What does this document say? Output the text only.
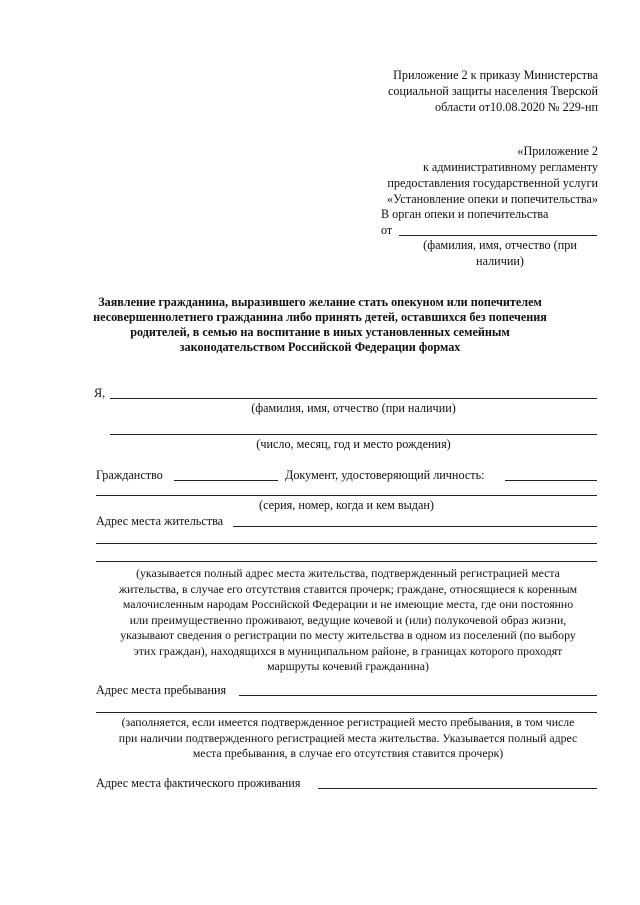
Приложение 2 к приказу Министерства
социальной защиты населения Тверской
области от10.08.2020 № 229-нп
«Приложение 2
к административному регламенту
предоставления государственной услуги
«Установление опеки и попечительства»
В орган опеки и попечительства
от
(фамилия, имя, отчество (при
наличии)
Заявление гражданина, выразившего желание стать опекуном или попечителем
несовершеннолетнего гражданина либо принять детей, оставшихся без попечения
родителей, в семью на воспитание в иных установленных семейным
законодательством Российской Федерации формах
Я,
(фамилия, имя, отчество (при наличии)
(число, месяц, год и место рождения)
Гражданство	Документ, удостоверяющий личность:
(серия, номер, когда и кем выдан)
Адрес места жительства
(указывается полный адрес места жительства, подтвержденный регистрацией места
жительства, в случае его отсутствия ставится прочерк; граждане, относящиеся к коренным
малочисленным народам Российской Федерации и не имеющие места, где они постоянно
или преимущественно проживают, ведущие кочевой и (или) полукочевой образ жизни,
указывают сведения о регистрации по месту жительства в одном из поселений (по выбору
этих граждан), находящихся в муниципальном районе, в границах которого проходят
маршруты кочевий гражданина)
Адрес места пребывания
(заполняется, если имеется подтвержденное регистрацией место пребывания, в том числе
при наличии подтвержденного регистрацией места жительства. Указывается полный адрес
места пребывания, в случае его отсутствия ставится прочерк)
Адрес места фактического проживания
